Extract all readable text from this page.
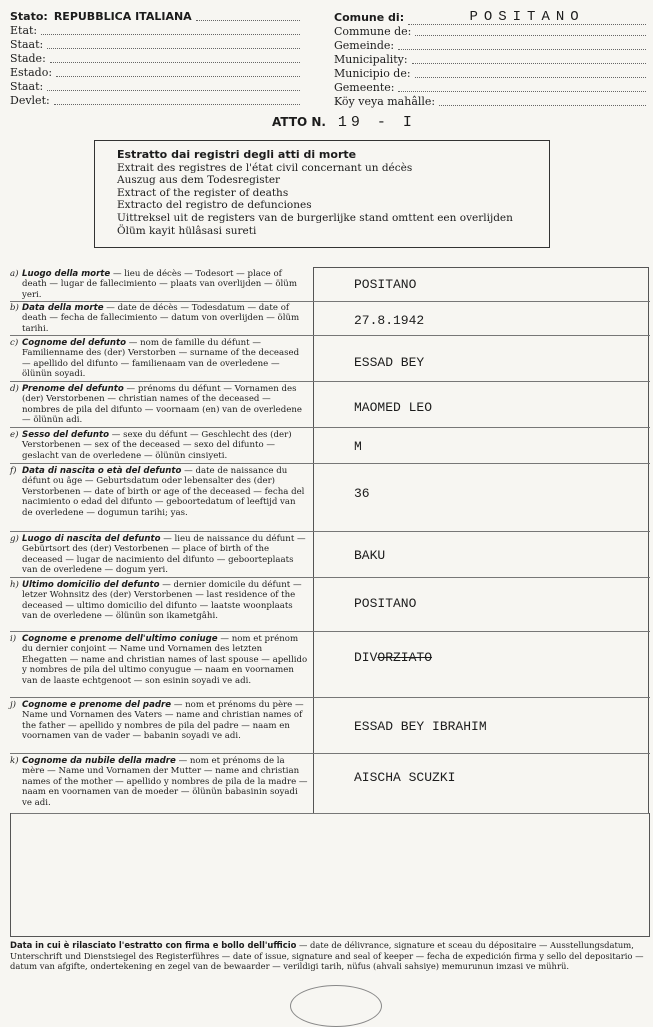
Stato: REPUBBLICA ITALIANA
Etat:
Staat:
Stade:
Estado:
Staat:
Devlet:
Comune di:	POSITANO
Commune de:
Gemeinde:
Municipality:
Municipio de:
Gemeente:
Köy veya mahâlle:
ATTO N. 19 - I
Estratto dai registri degli atti di morte
Extrait des registres de l'état civil concernant un décès
Auszug aus dem Todesregister
Extract of the register of deaths
Extracto del registro de defunciones
Uittreksel uit de registers van de burgerlijke stand omttent een overlijden
Ölüm kayit hülâsasi sureti
a) Luogo della morte — lieu de décès — Todesort — place of death — lugar de fallecimiento — plaats van overlijden — ölüm yeri.
POSITANO
b) Data della morte — date de décès — Todesdatum — date of death — fecha de fallecimiento — datum von overlijden — ölüm tarihi.
27.8.1942
c) Cognome del defunto — nom de famille du défunt — Familienname des (der) Verstorben — surname of the deceased — apellido del difunto — familienaam van de overledene — ölünün soyadi.
ESSAD BEY
d) Prenome del defunto — prénoms du défunt — Vornamen des (der) Verstorbenen — christian names of the deceased — nombres de pila del difunto — voornaam (en) van de overledene — ölünün adi.
MAOMED LEO
e) Sesso del defunto — sexe du défunt — Geschlecht des (der) Verstorbenen — sex of the deceased — sexo del difunto — geslacht van de overledene — ölünün cinsiyeti.
M
f) Data di nascita o età del defunto — date de naissance du défunt ou âge — Geburtsdatum oder lebensalter des (der) Verstorbenen — date of birth or age of the deceased — fecha del nacimiento o edad del difunto — geboortedatum of leeftijd van de overledene — dogumun tarihi; yas.
36
g) Luogo di nascita del defunto — lieu de naissance du défunt — Gebürtsort des (der) Vestorbenen — place of birth of the deceased — lugar de nacimiento del difunto — geboorteplaats van de overledene — dogum yeri.
BAKU
h) Ultimo domicilio del defunto — dernier domicile du défunt — letzer Wohnsitz des (der) Verstorbenen — last residence of the deceased — ultimo domicilio del difunto — laatste woonplaats van de overledene — ölünün son ikametgâhi.
POSITANO
i) Cognome e prenome dell'ultimo coniuge — nom et prénom du dernier conjoint — Name und Vornamen des letzten Ehegatten — name and christian names of last spouse — apellido y nombres de pila del ultimo conyugue — naam en voornamen van de laaste echtgenoot — son esinin soyadi ve adi.
DIVORZIATO
j) Cognome e prenome del padre — nom et prénoms du père — Name und Vornamen des Vaters — name and christian names of the father — apellido y nombres de pila del padre — naam en voornamen van de vader — babanin soyadi ve adi.
ESSAD BEY IBRAHIM
k) Cognome da nubile della madre — nom et prénoms de la mère — Name und Vornamen der Mutter — name and christian names of the mother — apellido y nombres de pila de la madre — naam en voornamen van de moeder — ölünün babasinin soyadi ve adi.
AISCHA SCUZKI
Data in cui è rilasciato l'estratto con firma e bollo dell'ufficio — date de délivrance, signature et sceau du dépositaire — Ausstellungsdatum, Unterschrift und Dienstsiegel des Registerführes — date of issue, signature and seal of keeper — fecha de expedición firma y sello del depositario — datum van afgifte, ondertekening en zegel van de bewaarder — verildigi tarih, nüfus (ahvali sahsiye) memurunun imzasi ve mührü.
